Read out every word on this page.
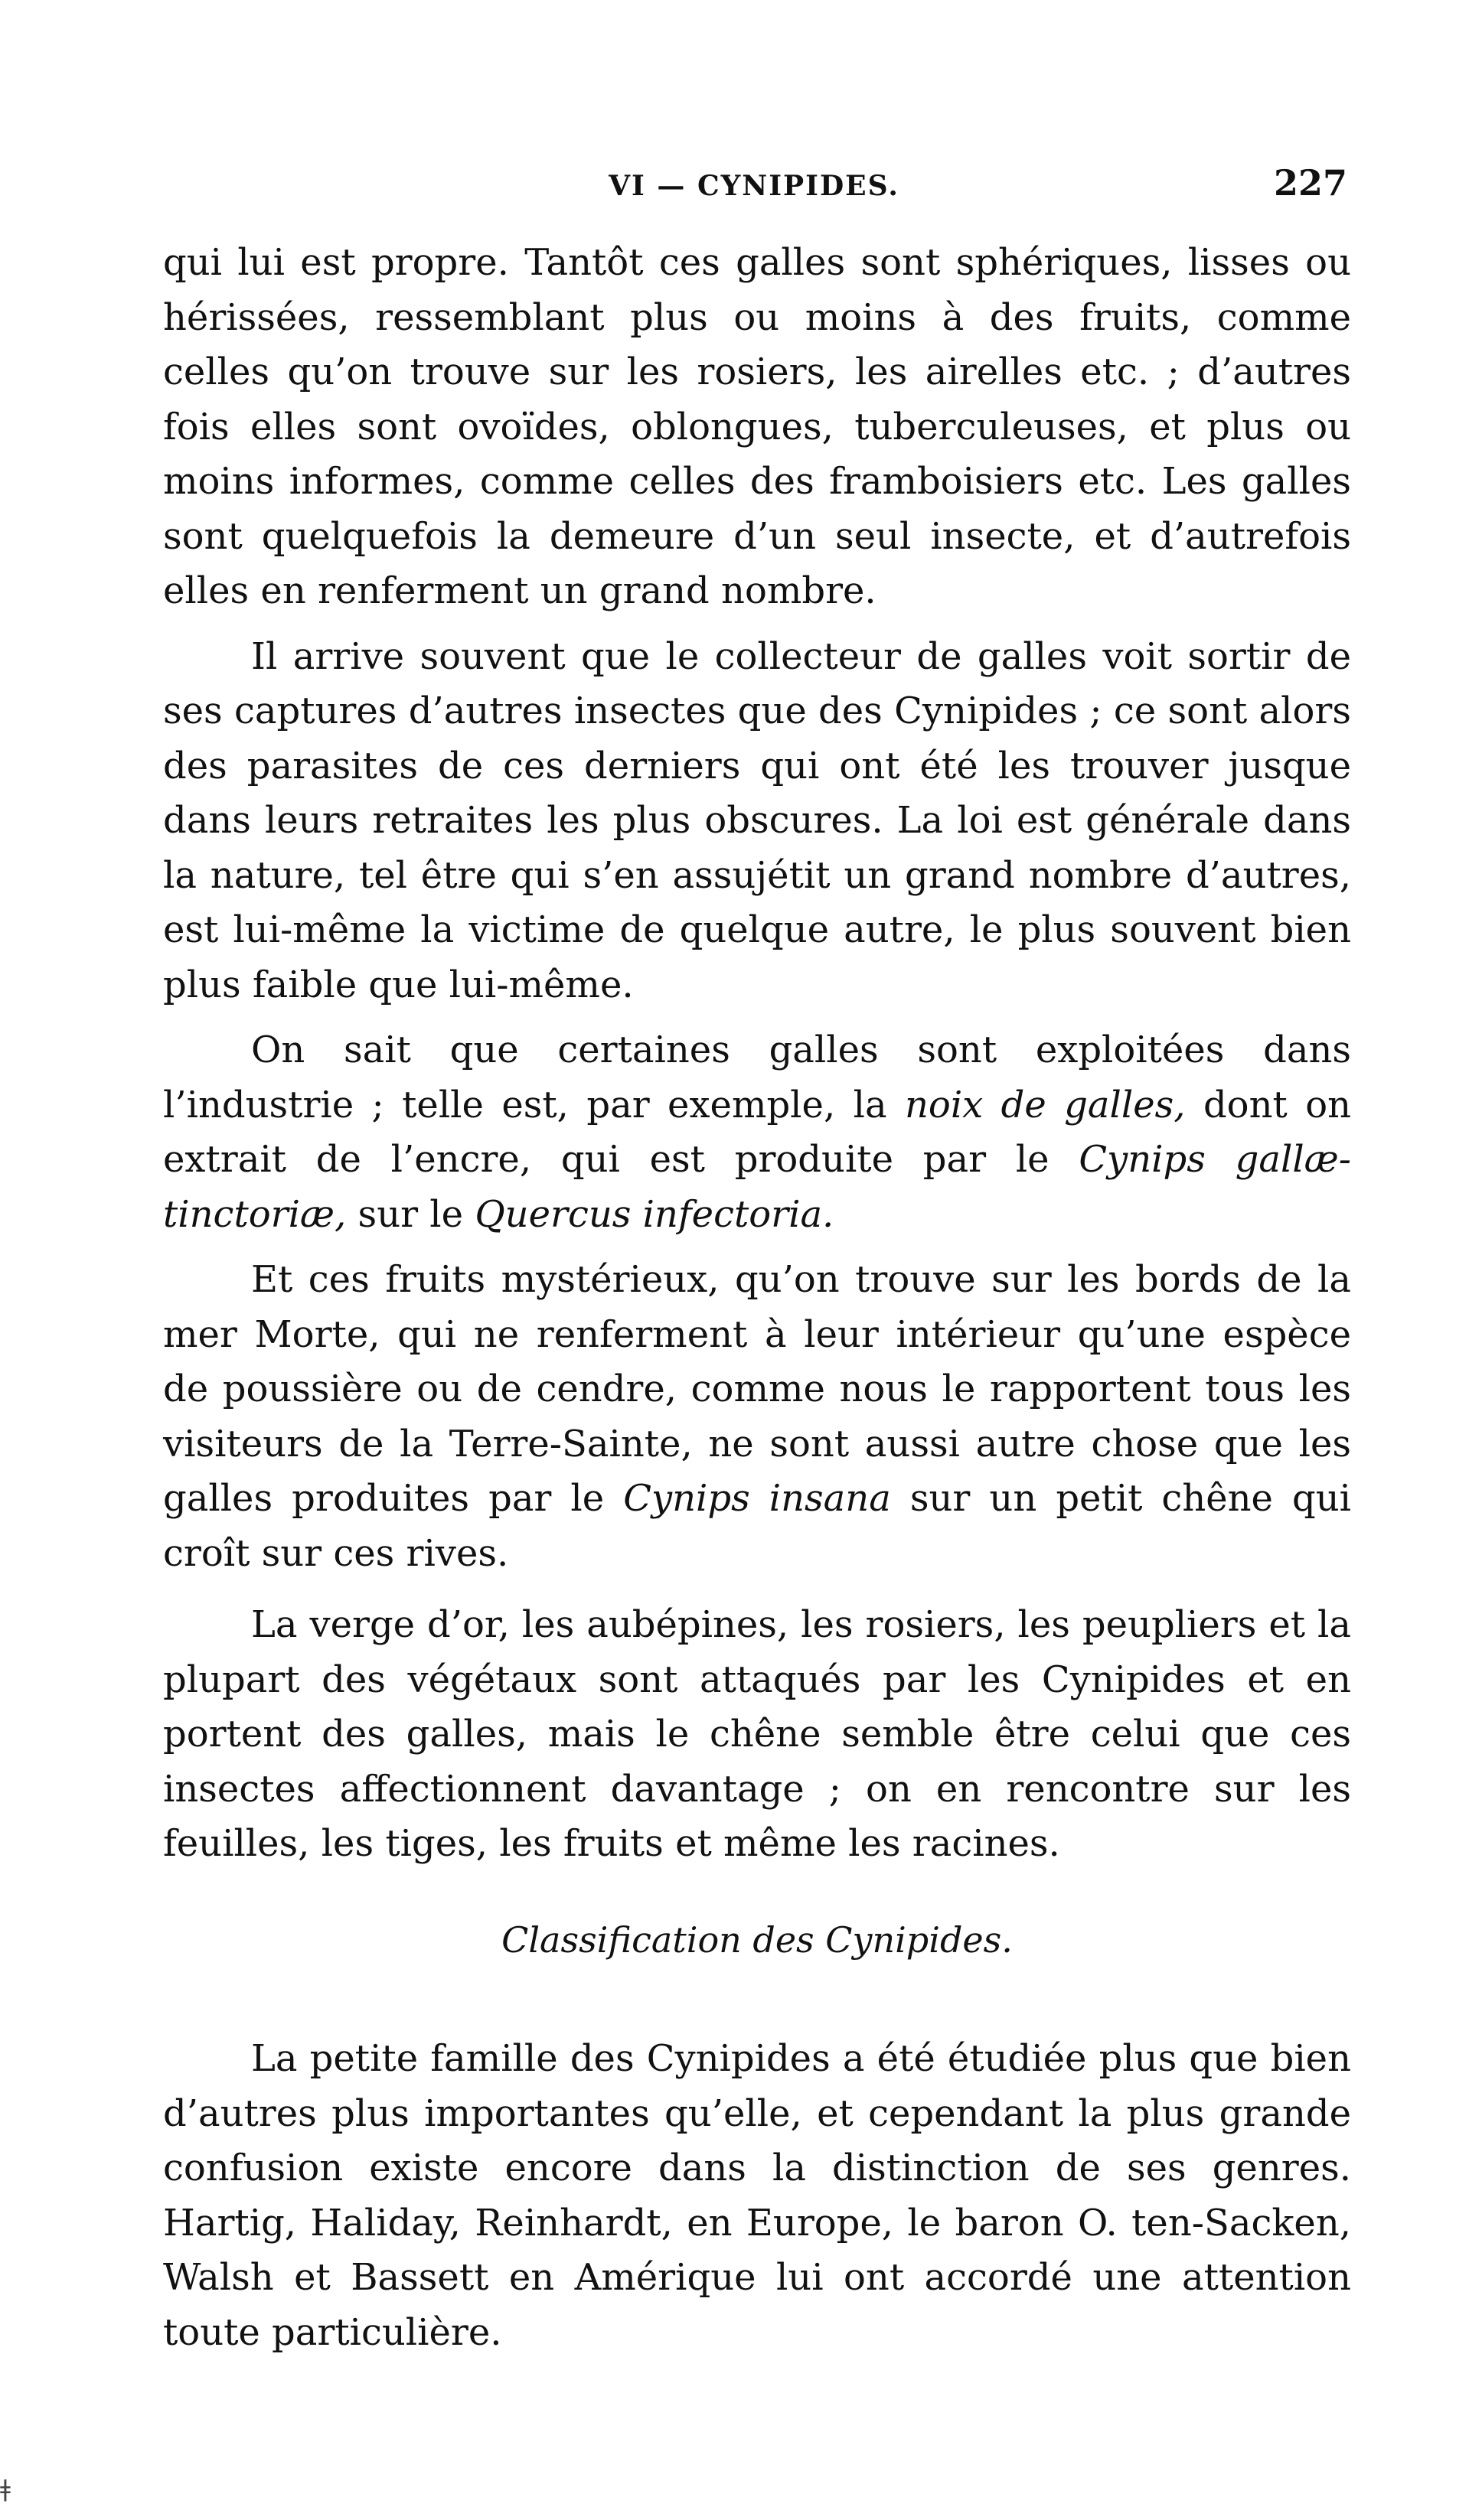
VI — CYNIPIDES.	227

qui lui est propre. Tantôt ces galles sont sphériques, lisses ou hérissées, ressemblant plus ou moins à des fruits, comme celles qu’on trouve sur les rosiers, les airelles etc. ; d’autres fois elles sont ovoïdes, oblongues, tuberculeuses, et plus ou moins informes, comme celles des framboisiers etc. Les galles sont quelquefois la demeure d’un seul insecte, et d’autrefois elles en renferment un grand nombre.

Il arrive souvent que le collecteur de galles voit sortir de ses captures d’autres insectes que des Cynipides ; ce sont alors des parasites de ces derniers qui ont été les trouver jusque dans leurs retraites les plus obscures. La loi est générale dans la nature, tel être qui s’en assujétit un grand nombre d’autres, est lui-même la victime de quelque autre, le plus souvent bien plus faible que lui-même.

On sait que certaines galles sont exploitées dans l’industrie ; telle est, par exemple, la noix de galles, dont on extrait de l’encre, qui est produite par le Cynips gallæ-tinctoriæ, sur le Quercus infectoria.

Et ces fruits mystérieux, qu’on trouve sur les bords de la mer Morte, qui ne renferment à leur intérieur qu’une espèce de poussière ou de cendre, comme nous le rapportent tous les visiteurs de la Terre-Sainte, ne sont aussi autre chose que les galles produites par le Cynips insana sur un petit chêne qui croît sur ces rives.

La verge d’or, les aubépines, les rosiers, les peupliers et la plupart des végétaux sont attaqués par les Cynipides et en portent des galles, mais le chêne semble être celui que ces insectes affectionnent davantage ; on en rencontre sur les feuilles, les tiges, les fruits et même les racines.

Classification des Cynipides.

La petite famille des Cynipides a été étudiée plus que bien d’autres plus importantes qu’elle, et cependant la plus grande confusion existe encore dans la distinction de ses genres. Hartig, Haliday, Reinhardt, en Europe, le baron O. ten-Sacken, Walsh et Bassett en Amérique lui ont accordé une attention toute particulière.

ǂ
